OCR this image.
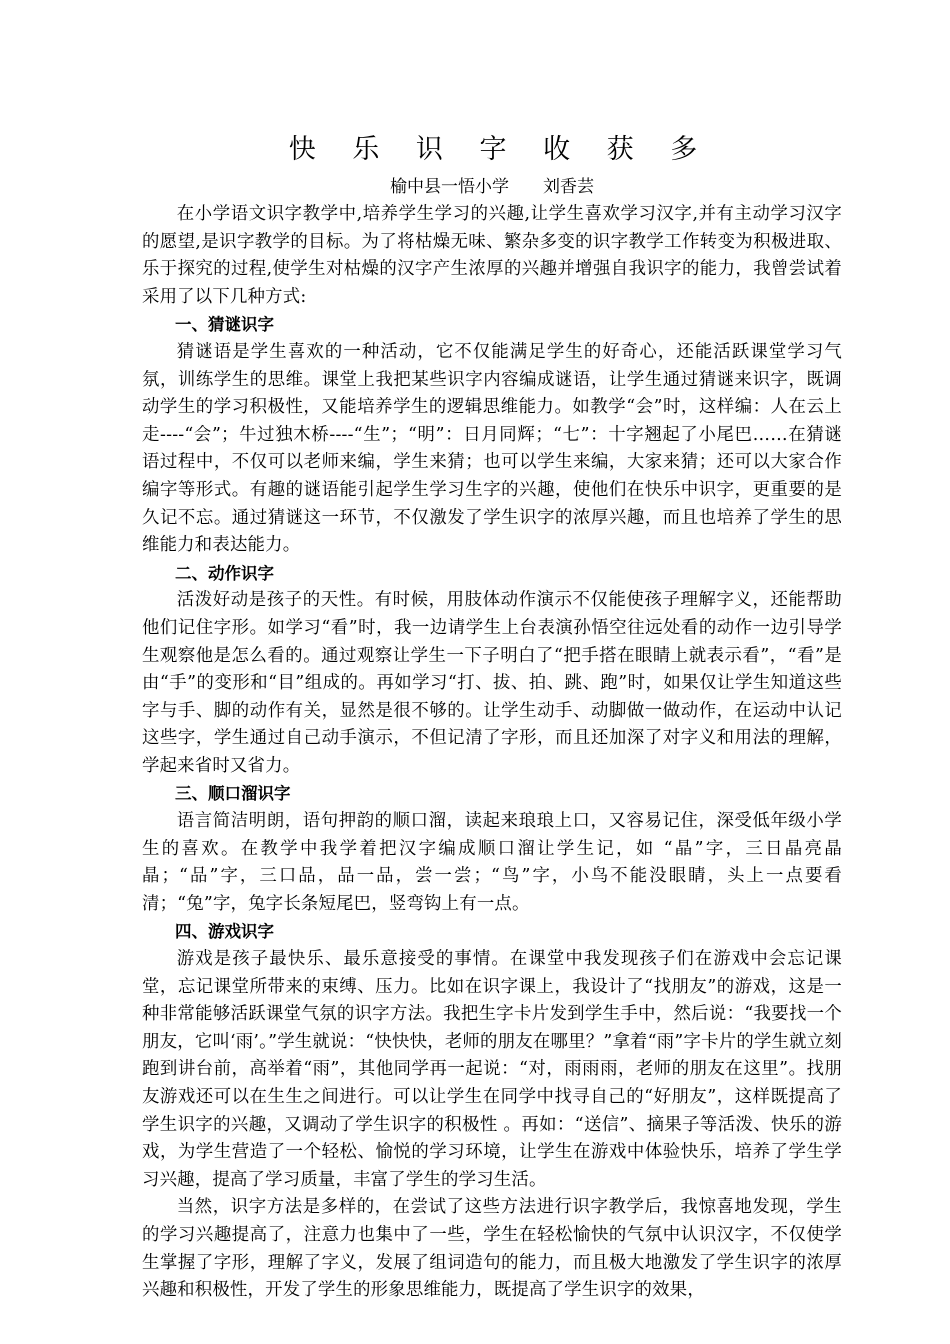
快 乐 识 字 收 获 多

榆中县一悟小学　　刘香芸

在小学语文识字教学中,培养学生学习的兴趣,让学生喜欢学习汉字,并有主动学习汉字的愿望,是识字教学的目标。为了将枯燥无味、繁杂多变的识字教学工作转变为积极进取、乐于探究的过程,使学生对枯燥的汉字产生浓厚的兴趣并增强自我识字的能力，我曾尝试着采用了以下几种方式:

一、猜谜识字

猜谜语是学生喜欢的一种活动，它不仅能满足学生的好奇心，还能活跃课堂学习气氛，训练学生的思维。课堂上我把某些识字内容编成谜语，让学生通过猜谜来识字，既调动学生的学习积极性，又能培养学生的逻辑思维能力。如教学“会”时，这样编：人在云上走----“会”；牛过独木桥----“生”；“明”：日月同辉；“七”：十字翘起了小尾巴……在猜谜语过程中，不仅可以老师来编，学生来猜；也可以学生来编，大家来猜；还可以大家合作编字等形式。有趣的谜语能引起学生学习生字的兴趣，使他们在快乐中识字，更重要的是久记不忘。通过猜谜这一环节，不仅激发了学生识字的浓厚兴趣，而且也培养了学生的思维能力和表达能力。

二、动作识字

活泼好动是孩子的天性。有时候，用肢体动作演示不仅能使孩子理解字义，还能帮助他们记住字形。如学习“看”时，我一边请学生上台表演孙悟空往远处看的动作一边引导学生观察他是怎么看的。通过观察让学生一下子明白了“把手搭在眼睛上就表示看”，“看”是由“手”的变形和“目”组成的。再如学习“打、拔、拍、跳、跑”时，如果仅让学生知道这些字与手、脚的动作有关，显然是很不够的。让学生动手、动脚做一做动作，在运动中认记这些字，学生通过自己动手演示，不但记清了字形，而且还加深了对字义和用法的理解，学起来省时又省力。

三、顺口溜识字

语言简洁明朗，语句押韵的顺口溜，读起来琅琅上口，又容易记住，深受低年级小学生的喜欢。在教学中我学着把汉字编成顺口溜让学生记，如 “晶”字，三日晶亮晶晶；“品”字，三口品，品一品，尝一尝；“鸟”字，小鸟不能没眼睛，头上一点要看清；“兔”字，兔字长条短尾巴，竖弯钩上有一点。

四、游戏识字

游戏是孩子最快乐、最乐意接受的事情。在课堂中我发现孩子们在游戏中会忘记课堂，忘记课堂所带来的束缚、压力。比如在识字课上，我设计了“找朋友”的游戏，这是一种非常能够活跃课堂气氛的识字方法。我把生字卡片发到学生手中，然后说：“我要找一个朋友，它叫‘雨’。”学生就说：“快快快，老师的朋友在哪里？”拿着“雨”字卡片的学生就立刻跑到讲台前，高举着“雨”，其他同学再一起说：“对，雨雨雨，老师的朋友在这里”。找朋友游戏还可以在生生之间进行。可以让学生在同学中找寻自己的“好朋友”，这样既提高了学生识字的兴趣，又调动了学生识字的积极性 。再如：“送信”、摘果子等活泼、快乐的游戏，为学生营造了一个轻松、愉悦的学习环境，让学生在游戏中体验快乐，培养了学生学习兴趣，提高了学习质量，丰富了学生的学习生活。

当然，识字方法是多样的，在尝试了这些方法进行识字教学后，我惊喜地发现，学生的学习兴趣提高了，注意力也集中了一些，学生在轻松愉快的气氛中认识汉字，不仅使学生掌握了字形，理解了字义，发展了组词造句的能力，而且极大地激发了学生识字的浓厚兴趣和积极性，开发了学生的形象思维能力，既提高了学生识字的效果，
